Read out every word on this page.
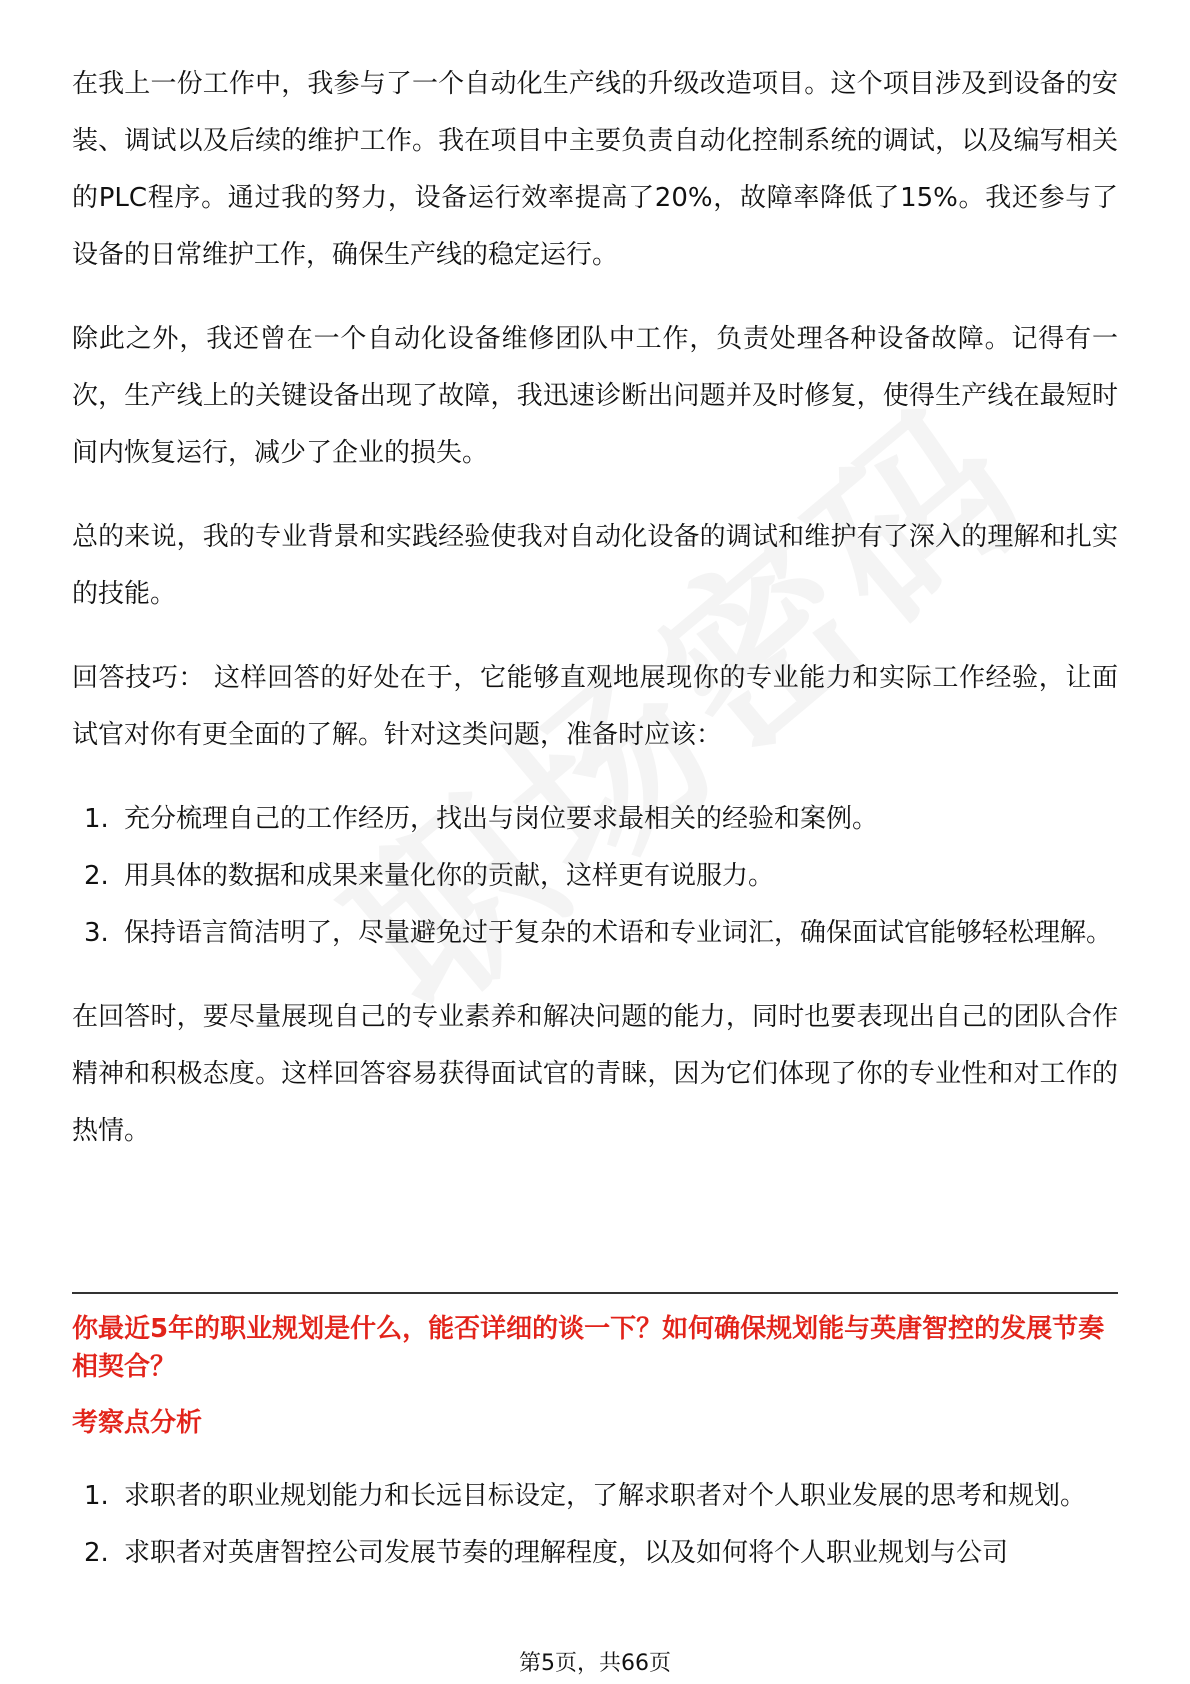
在我上一份工作中，我参与了一个自动化生产线的升级改造项目。这个项目涉及到设备的安装、调试以及后续的维护工作。我在项目中主要负责自动化控制系统的调试，以及编写相关的PLC程序。通过我的努力，设备运行效率提高了20%，故障率降低了15%。我还参与了设备的日常维护工作，确保生产线的稳定运行。

除此之外，我还曾在一个自动化设备维修团队中工作，负责处理各种设备故障。记得有一次，生产线上的关键设备出现了故障，我迅速诊断出问题并及时修复，使得生产线在最短时间内恢复运行，减少了企业的损失。

总的来说，我的专业背景和实践经验使我对自动化设备的调试和维护有了深入的理解和扎实的技能。

回答技巧： 这样回答的好处在于，它能够直观地展现你的专业能力和实际工作经验，让面试官对你有更全面的了解。针对这类问题，准备时应该：

1. 充分梳理自己的工作经历，找出与岗位要求最相关的经验和案例。
2. 用具体的数据和成果来量化你的贡献，这样更有说服力。
3. 保持语言简洁明了，尽量避免过于复杂的术语和专业词汇，确保面试官能够轻松理解。

在回答时，要尽量展现自己的专业素养和解决问题的能力，同时也要表现出自己的团队合作精神和积极态度。这样回答容易获得面试官的青睐，因为它们体现了你的专业性和对工作的热情。

你最近5年的职业规划是什么，能否详细的谈一下？如何确保规划能与英唐智控的发展节奏相契合？
考察点分析
1. 求职者的职业规划能力和长远目标设定，了解求职者对个人职业发展的思考和规划。
2. 求职者对英唐智控公司发展节奏的理解程度，以及如何将个人职业规划与公司
第5页，共66页
